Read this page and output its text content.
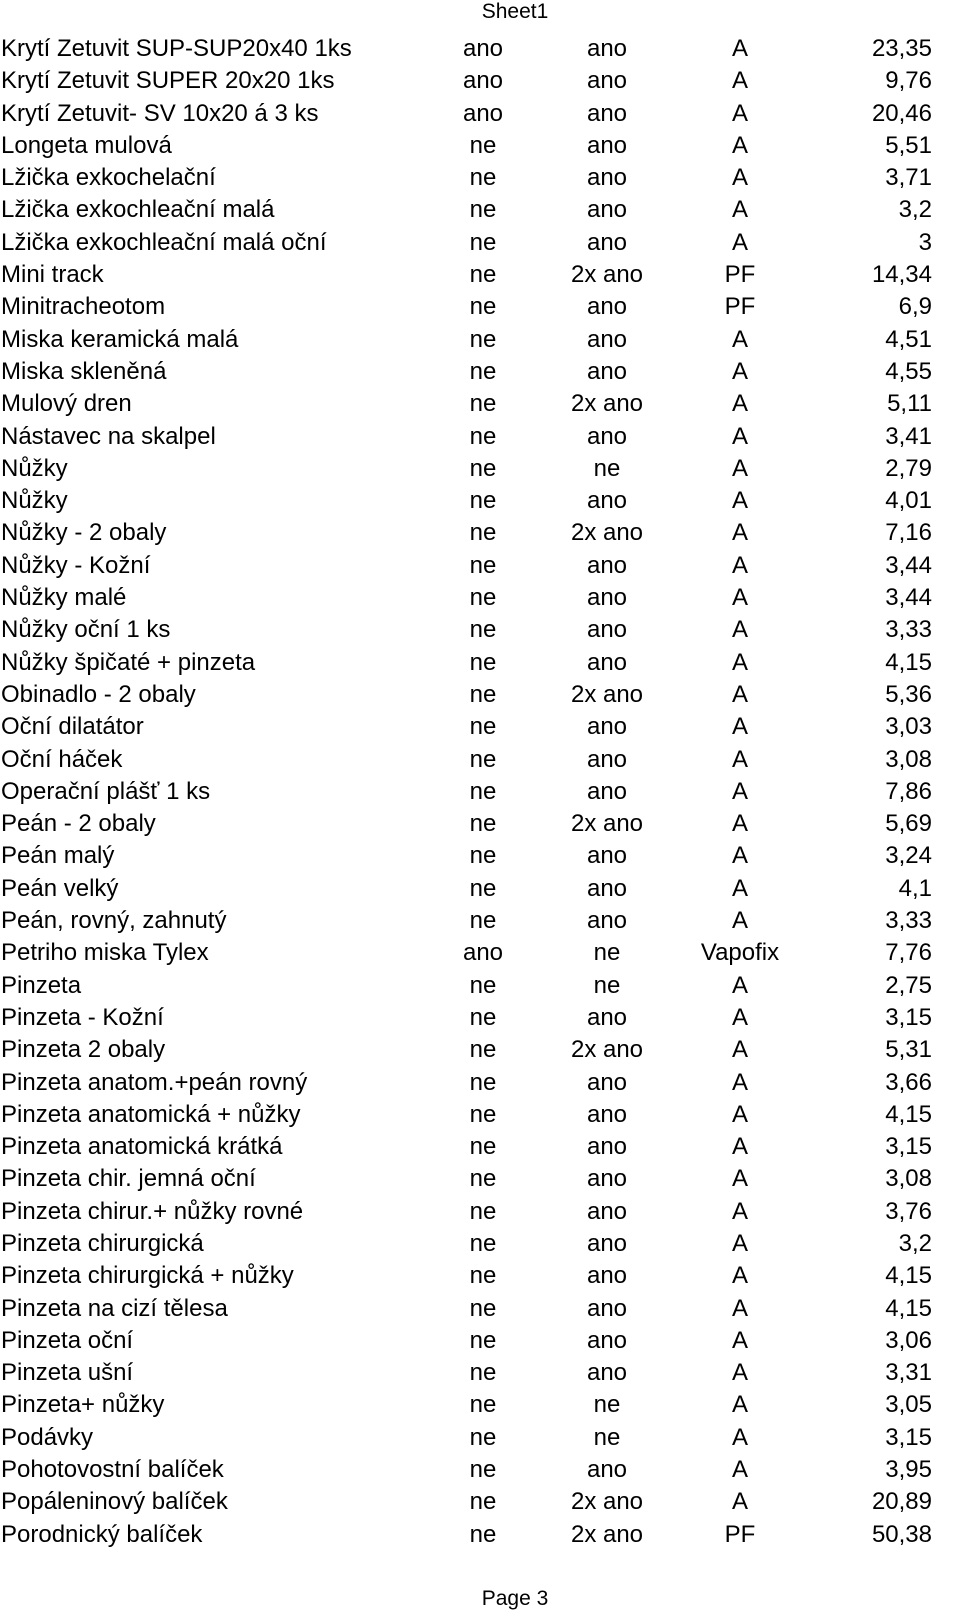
Sheet1
Krytí Zetuvit SUP-SUP20x40 1ks	ano	ano	A	23,35
Krytí Zetuvit SUPER 20x20 1ks	ano	ano	A	9,76
Krytí Zetuvit- SV 10x20 á 3 ks	ano	ano	A	20,46
Longeta mulová	ne	ano	A	5,51
Lžička exkochelační	ne	ano	A	3,71
Lžička exkochleační malá	ne	ano	A	3,2
Lžička exkochleační malá oční	ne	ano	A	3
Mini track	ne	2x ano	PF	14,34
Minitracheotom	ne	ano	PF	6,9
Miska keramická malá	ne	ano	A	4,51
Miska skleněná	ne	ano	A	4,55
Mulový dren	ne	2x ano	A	5,11
Nástavec na skalpel	ne	ano	A	3,41
Nůžky	ne	ne	A	2,79
Nůžky	ne	ano	A	4,01
Nůžky - 2 obaly	ne	2x ano	A	7,16
Nůžky - Kožní	ne	ano	A	3,44
Nůžky malé	ne	ano	A	3,44
Nůžky oční 1 ks	ne	ano	A	3,33
Nůžky špičaté + pinzeta	ne	ano	A	4,15
Obinadlo - 2 obaly	ne	2x ano	A	5,36
Oční dilatátor	ne	ano	A	3,03
Oční háček	ne	ano	A	3,08
Operační plášť 1 ks	ne	ano	A	7,86
Peán - 2 obaly	ne	2x ano	A	5,69
Peán malý	ne	ano	A	3,24
Peán velký	ne	ano	A	4,1
Peán, rovný, zahnutý	ne	ano	A	3,33
Petriho miska Tylex	ano	ne	Vapofix	7,76
Pinzeta	ne	ne	A	2,75
Pinzeta - Kožní	ne	ano	A	3,15
Pinzeta 2 obaly	ne	2x ano	A	5,31
Pinzeta anatom.+peán rovný	ne	ano	A	3,66
Pinzeta anatomická + nůžky	ne	ano	A	4,15
Pinzeta anatomická krátká	ne	ano	A	3,15
Pinzeta chir. jemná oční	ne	ano	A	3,08
Pinzeta chirur.+ nůžky rovné	ne	ano	A	3,76
Pinzeta chirurgická	ne	ano	A	3,2
Pinzeta chirurgická + nůžky	ne	ano	A	4,15
Pinzeta na cizí tělesa	ne	ano	A	4,15
Pinzeta oční	ne	ano	A	3,06
Pinzeta ušní	ne	ano	A	3,31
Pinzeta+ nůžky	ne	ne	A	3,05
Podávky	ne	ne	A	3,15
Pohotovostní balíček	ne	ano	A	3,95
Popáleninový balíček	ne	2x ano	A	20,89
Porodnický balíček	ne	2x ano	PF	50,38
Page 3
